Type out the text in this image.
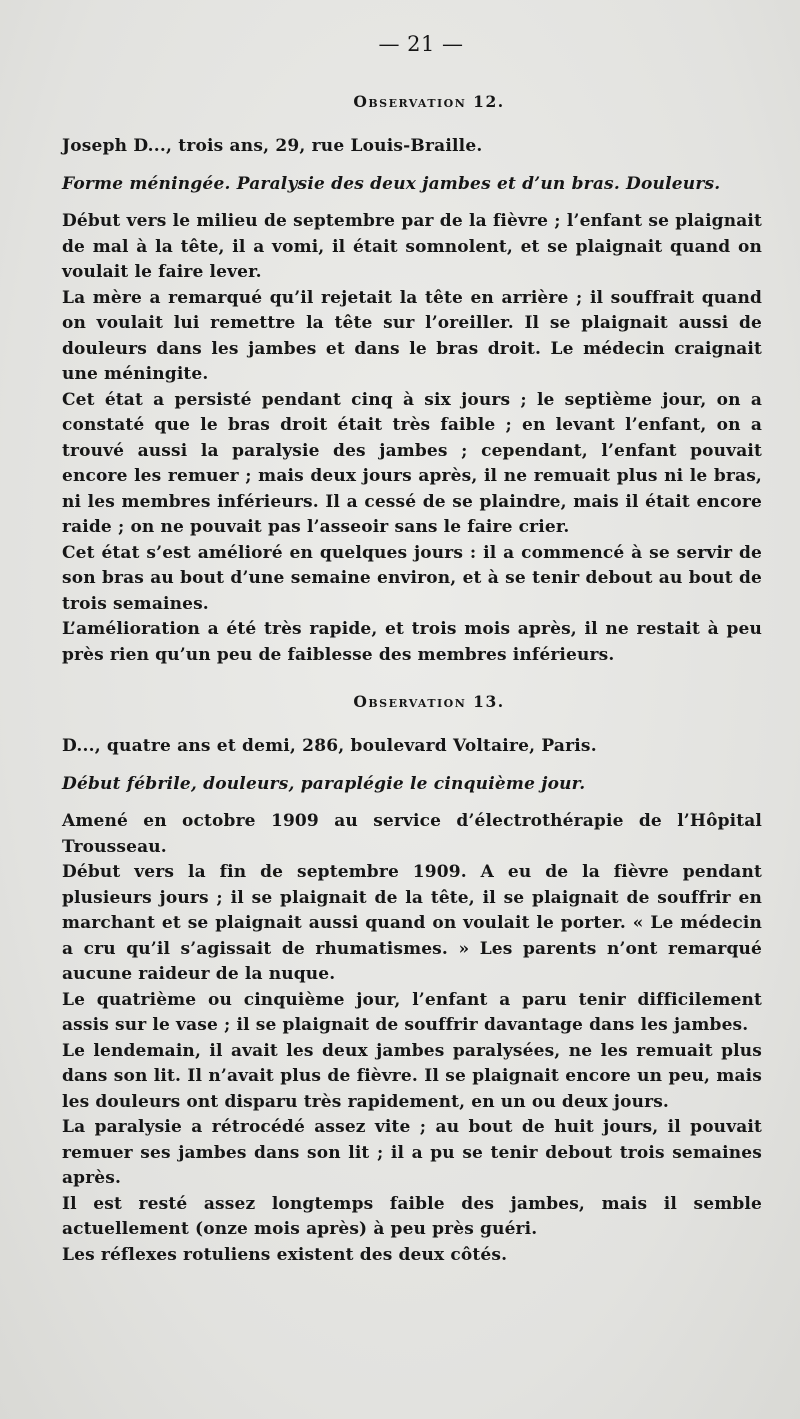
— 21 —
Observation 12.
Joseph D..., trois ans, 29, rue Louis-Braille.
Forme méningée. Paralysie des deux jambes et d’un bras. Douleurs.

Début vers le milieu de septembre par de la fièvre ; l’enfant se plaignait de mal à la tête, il a vomi, il était somnolent, et se plaignait quand on voulait le faire lever.

La mère a remarqué qu’il rejetait la tête en arrière ; il souffrait quand on voulait lui remettre la tête sur l’oreiller. Il se plaignait aussi de douleurs dans les jambes et dans le bras droit. Le médecin craignait une méningite.

Cet état a persisté pendant cinq à six jours ; le septième jour, on a constaté que le bras droit était très faible ; en levant l’enfant, on a trouvé aussi la paralysie des jambes ; cependant, l’enfant pouvait encore les remuer ; mais deux jours après, il ne remuait plus ni le bras, ni les membres inférieurs. Il a cessé de se plaindre, mais il était encore raide ; on ne pouvait pas l’asseoir sans le faire crier.

Cet état s’est amélioré en quelques jours : il a commencé à se servir de son bras au bout d’une semaine environ, et à se tenir debout au bout de trois semaines.

L’amélioration a été très rapide, et trois mois après, il ne restait à peu près rien qu’un peu de faiblesse des membres inférieurs.

Observation 13.
D..., quatre ans et demi, 286, boulevard Voltaire, Paris.
Début fébrile, douleurs, paraplégie le cinquième jour.

Amené en octobre 1909 au service d’électrothérapie de l’Hôpital Trousseau.

Début vers la fin de septembre 1909. A eu de la fièvre pendant plusieurs jours ; il se plaignait de la tête, il se plaignait de souffrir en marchant et se plaignait aussi quand on voulait le porter. « Le médecin a cru qu’il s’agissait de rhumatismes. » Les parents n’ont remarqué aucune raideur de la nuque.

Le quatrième ou cinquième jour, l’enfant a paru tenir difficilement assis sur le vase ; il se plaignait de souffrir davantage dans les jambes.

Le lendemain, il avait les deux jambes paralysées, ne les remuait plus dans son lit. Il n’avait plus de fièvre. Il se plaignait encore un peu, mais les douleurs ont disparu très rapidement, en un ou deux jours.

La paralysie a rétrocédé assez vite ; au bout de huit jours, il pouvait remuer ses jambes dans son lit ; il a pu se tenir debout trois semaines après.

Il est resté assez longtemps faible des jambes, mais il semble actuellement (onze mois après) à peu près guéri.

Les réflexes rotuliens existent des deux côtés.
